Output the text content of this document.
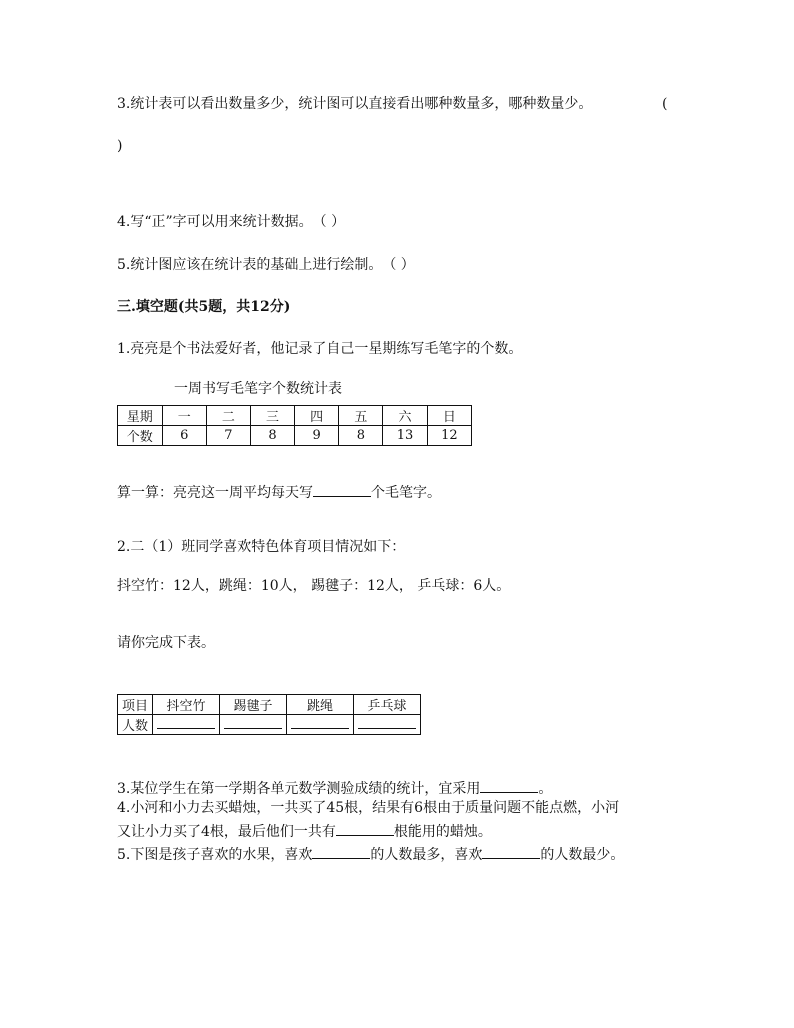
3.统计表可以看出数量多少，统计图可以直接看出哪种数量多，哪种数量少。	(
)
4.写“正”字可以用来统计数据。　（ ）
5.统计图应该在统计表的基础上进行绘制。　（ ）
三.填空题(共5题，共12分)
1.亮亮是个书法爱好者，他记录了自己一星期练写毛笔字的个数。
一周书写毛笔字个数统计表
星期	一	二	三	四	五	六	日
个数	6	7	8	9	8	13	12
算一算：亮亮这一周平均每天写	个毛笔字。
2.二（1）班同学喜欢特色体育项目情况如下：
抖空竹：12人，跳绳：10人， 踢毽子：12人， 乒乓球：6人。
请你完成下表。
项目	抖空竹	踢毽子	跳绳	乒乓球
人数				
3.某位学生在第一学期各单元数学测验成绩的统计，宜采用	。
4.小河和小力去买蜡烛，一共买了45根，结果有6根由于质量问题不能点燃，小河
又让小力买了4根，最后他们一共有	根能用的蜡烛。
5.下图是孩子喜欢的水果，喜欢	的人数最多，喜欢	的人数最少。
